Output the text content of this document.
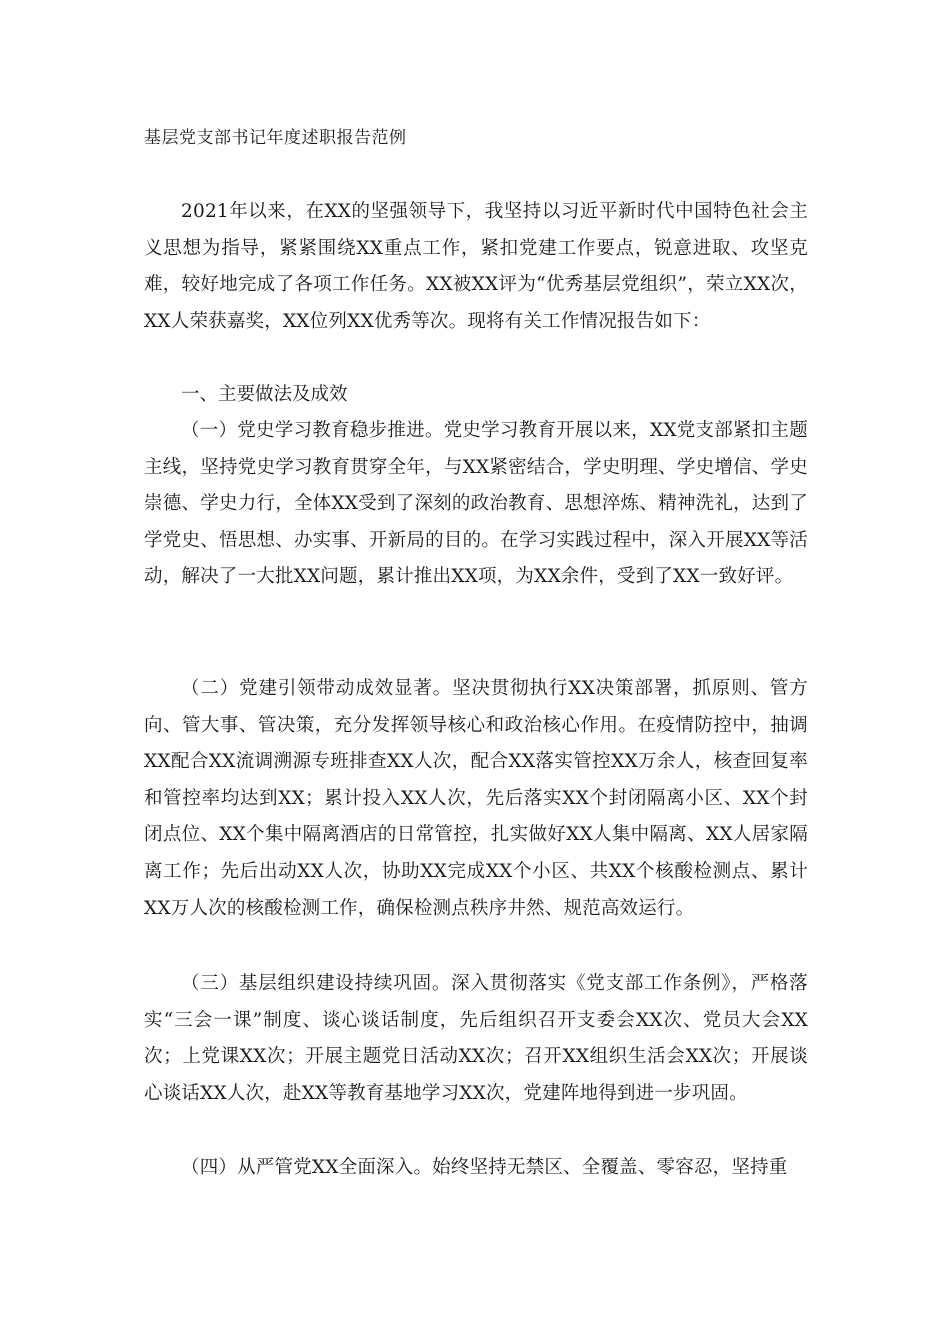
基层党支部书记年度述职报告范例

2021年以来，在XX的坚强领导下，我坚持以习近平新时代中国特色社会主义思想为指导，紧紧围绕XX重点工作，紧扣党建工作要点，锐意进取、攻坚克难，较好地完成了各项工作任务。XX被XX评为“优秀基层党组织”，荣立XX次，XX人荣获嘉奖，XX位列XX优秀等次。现将有关工作情况报告如下：

一、主要做法及成效

（一）党史学习教育稳步推进。党史学习教育开展以来，XX党支部紧扣主题主线，坚持党史学习教育贯穿全年，与XX紧密结合，学史明理、学史增信、学史崇德、学史力行，全体XX受到了深刻的政治教育、思想淬炼、精神洗礼，达到了学党史、悟思想、办实事、开新局的目的。在学习实践过程中，深入开展XX等活动，解决了一大批XX问题，累计推出XX项，为XX余件，受到了XX一致好评。

（二）党建引领带动成效显著。坚决贯彻执行XX决策部署，抓原则、管方向、管大事、管决策，充分发挥领导核心和政治核心作用。在疫情防控中，抽调XX配合XX流调溯源专班排查XX人次，配合XX落实管控XX万余人，核查回复率和管控率均达到XX；累计投入XX人次，先后落实XX个封闭隔离小区、XX个封闭点位、XX个集中隔离酒店的日常管控，扎实做好XX人集中隔离、XX人居家隔离工作；先后出动XX人次，协助XX完成XX个小区、共XX个核酸检测点、累计XX万人次的核酸检测工作，确保检测点秩序井然、规范高效运行。

（三）基层组织建设持续巩固。深入贯彻落实《党支部工作条例》，严格落实“三会一课”制度、谈心谈话制度，先后组织召开支委会XX次、党员大会XX次；上党课XX次；开展主题党日活动XX次；召开XX组织生活会XX次；开展谈心谈话XX人次，赴XX等教育基地学习XX次，党建阵地得到进一步巩固。

（四）从严管党XX全面深入。始终坚持无禁区、全覆盖、零容忍，坚持重
